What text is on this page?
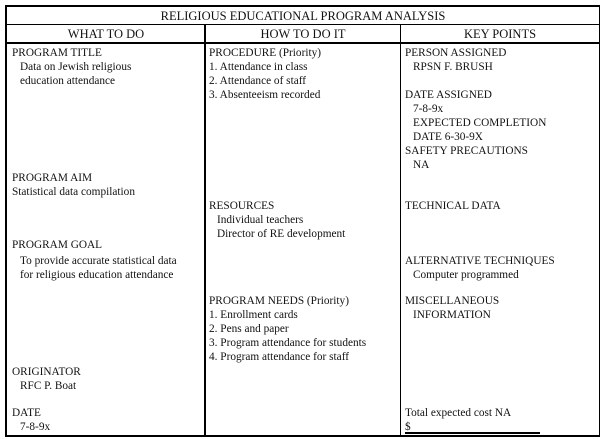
RELIGIOUS EDUCATIONAL PROGRAM ANALYSIS
WHAT TO DO	HOW TO DO IT	KEY POINTS
PROGRAM TITLE
Data on Jewish religious
education attendance
PROGRAM AIM
Statistical data compilation
PROGRAM GOAL
To provide accurate statistical data
for religious education attendance
ORIGINATOR
RFC P. Boat
DATE
7-8-9x
PROCEDURE (Priority)
1. Attendance in class
2. Attendance of staff
3. Absenteeism recorded
RESOURCES
Individual teachers
Director of RE development
PROGRAM NEEDS (Priority)
1. Enrollment cards
2. Pens and paper
3. Program attendance for students
4. Program attendance for staff
PERSON ASSIGNED
RPSN F. BRUSH
DATE ASSIGNED
7-8-9x
EXPECTED COMPLETION
DATE 6-30-9X
SAFETY PRECAUTIONS
NA
TECHNICAL DATA
ALTERNATIVE TECHNIQUES
Computer programmed
MISCELLANEOUS
INFORMATION
Total expected cost NA
$
